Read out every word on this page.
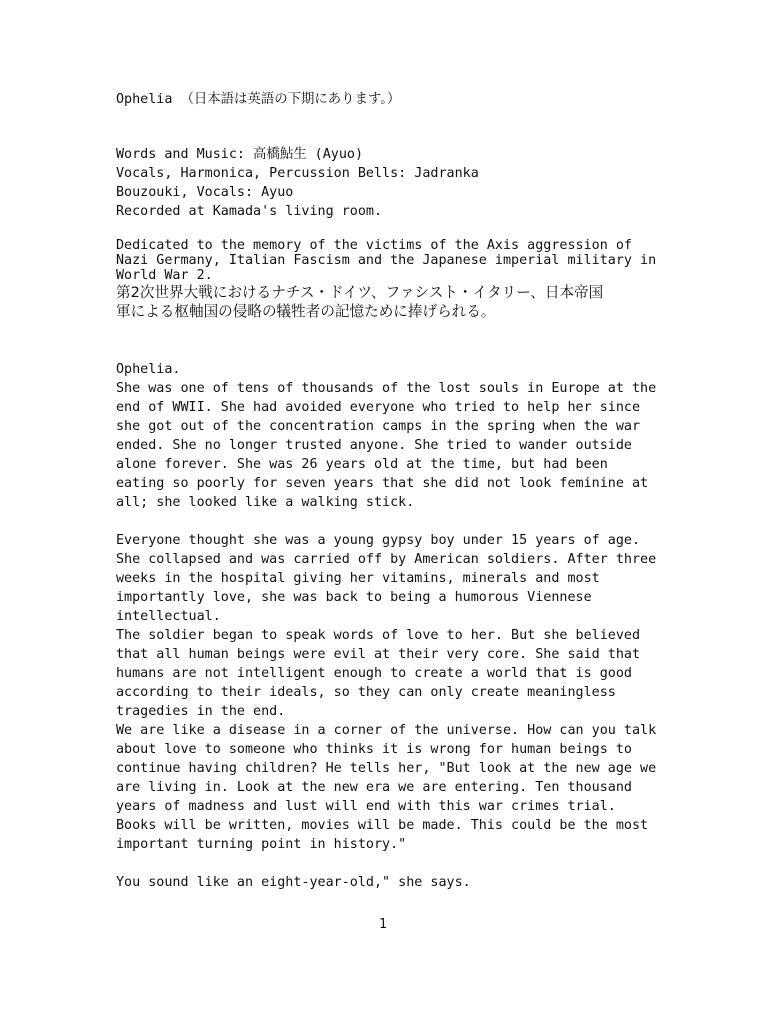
Ophelia （日本語は英語の下期にあります。）

Words and Music: 高橋鮎生 (Ayuo)

Vocals, Harmonica, Percussion Bells: Jadranka

Bouzouki, Vocals: Ayuo

Recorded at Kamada's living room.

Dedicated to the memory of the victims of the Axis aggression of

Nazi Germany, Italian Fascism and the Japanese imperial military in

World War 2.

第2次世界大戦におけるナチス・ドイツ、ファシスト・イタリー、日本帝国

軍による枢軸国の侵略の犠牲者の記憶ために捧げられる。

Ophelia.

She was one of tens of thousands of the lost souls in Europe at the

end of WWII. She had avoided everyone who tried to help her since

she got out of the concentration camps in the spring when the war

ended. She no longer trusted anyone. She tried to wander outside

alone forever. She was 26 years old at the time, but had been

eating so poorly for seven years that she did not look feminine at

all; she looked like a walking stick.

Everyone thought she was a young gypsy boy under 15 years of age.

She collapsed and was carried off by American soldiers. After three

weeks in the hospital giving her vitamins, minerals and most

importantly love, she was back to being a humorous Viennese

intellectual.

The soldier began to speak words of love to her. But she believed

that all human beings were evil at their very core. She said that

humans are not intelligent enough to create a world that is good

according to their ideals, so they can only create meaningless

tragedies in the end.

We are like a disease in a corner of the universe. How can you talk

about love to someone who thinks it is wrong for human beings to

continue having children? He tells her, "But look at the new age we

are living in. Look at the new era we are entering. Ten thousand

years of madness and lust will end with this war crimes trial.

Books will be written, movies will be made. This could be the most

important turning point in history."

You sound like an eight-year-old," she says.

1
